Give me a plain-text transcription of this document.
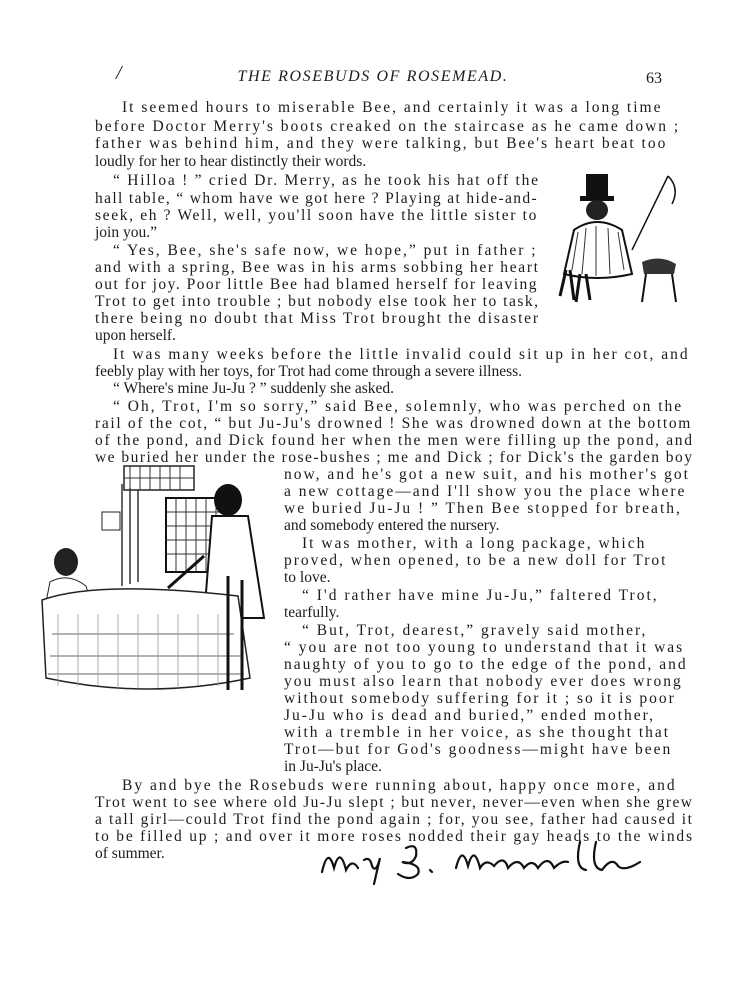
THE ROSEBUDS OF ROSEMEAD.	63
/
It seemed hours to miserable Bee, and certainly it was a long time
before Doctor Merry's boots creaked on the staircase as he came down ;
father was behind him, and they were talking, but Bee's heart beat too
loudly for her to hear distinctly their words.
“ Hilloa ! ” cried Dr. Merry, as he took his hat off the
hall table, “ whom have we got here ? Playing at hide-and-
seek, eh ? Well, well, you'll soon have the little sister to
join you.”
“ Yes, Bee, she's safe now, we hope,” put in father ;
and with a spring, Bee was in his arms sobbing her heart
out for joy. Poor little Bee had blamed herself for leaving
Trot to get into trouble ; but nobody else took her to task,
there being no doubt that Miss Trot brought the disaster
upon herself.
It was many weeks before the little invalid could sit up in her cot, and
feebly play with her toys, for Trot had come through a severe illness.
“ Where's mine Ju-Ju ? ” suddenly she asked.
“ Oh, Trot, I'm so sorry,” said Bee, solemnly, who was perched on the
rail of the cot, “ but Ju-Ju's drowned ! She was drowned down at the bottom
of the pond, and Dick found her when the men were filling up the pond, and
we buried her under the rose-bushes ; me and Dick ; for Dick's the garden boy
now, and he's got a new suit, and his mother's got
a new cottage—and I'll show you the place where
we buried Ju-Ju ! ” Then Bee stopped for breath,
and somebody entered the nursery.
It was mother, with a long package, which
proved, when opened, to be a new doll for Trot
to love.
“ I'd rather have mine Ju-Ju,” faltered Trot,
tearfully.
“ But, Trot, dearest,” gravely said mother,
“ you are not too young to understand that it was
naughty of you to go to the edge of the pond, and
you must also learn that nobody ever does wrong
without somebody suffering for it ; so it is poor
Ju-Ju who is dead and buried,” ended mother,
with a tremble in her voice, as she thought that
Trot—but for God's goodness—might have been
in Ju-Ju's place.
By and bye the Rosebuds were running about, happy once more, and
Trot went to see where old Ju-Ju slept ; but never, never—even when she grew
a tall girl—could Trot find the pond again ; for, you see, father had caused it
to be filled up ; and over it more roses nodded their gay heads to the winds
of summer.
